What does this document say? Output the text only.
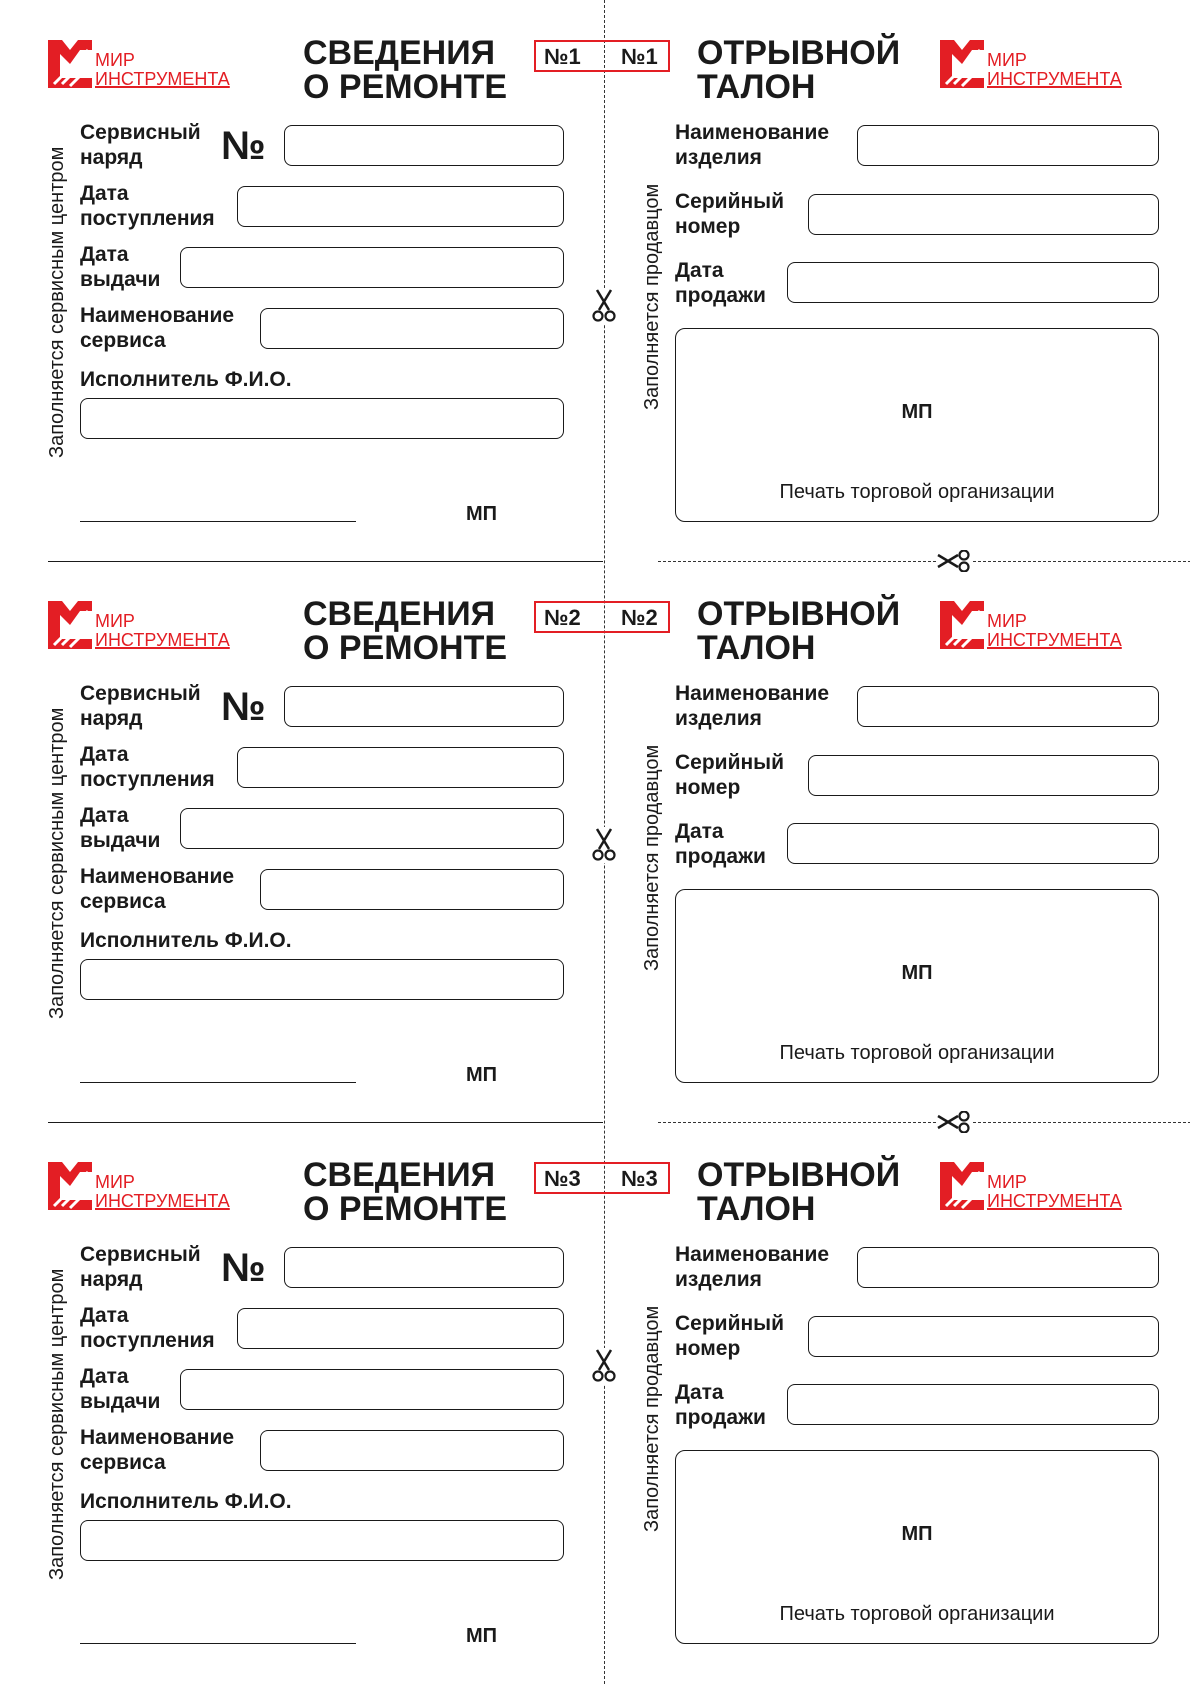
МИР
ИНСТРУМЕНТА
СВЕДЕНИЯ
О РЕМОНТЕ
№1 №1 ОТРЫВНОЙ
ТАЛОН
МИР
ИНСТРУМЕНТА
Заполняется сервисным центром
Сервисный
наряд	№
Дата
поступления
Дата
выдачи
Наименование
сервиса
Исполнитель Ф.И.О.
МП
Заполняется продавцом
Наименование
изделия
Серийный
номер
Дата
продажи
МП
Печать торговой организации
МИР
ИНСТРУМЕНТА
СВЕДЕНИЯ
О РЕМОНТЕ
№2 №2 ОТРЫВНОЙ
ТАЛОН
МИР
ИНСТРУМЕНТА
Заполняется сервисным центром
Сервисный
наряд	№
Дата
поступления
Дата
выдачи
Наименование
сервиса
Исполнитель Ф.И.О.
МП
Заполняется продавцом
Наименование
изделия
Серийный
номер
Дата
продажи
МП
Печать торговой организации
МИР
ИНСТРУМЕНТА
СВЕДЕНИЯ
О РЕМОНТЕ
№3 №3 ОТРЫВНОЙ
ТАЛОН
МИР
ИНСТРУМЕНТА
Заполняется сервисным центром
Сервисный
наряд	№
Дата
поступления
Дата
выдачи
Наименование
сервиса
Исполнитель Ф.И.О.
МП
Заполняется продавцом
Наименование
изделия
Серийный
номер
Дата
продажи
МП
Печать торговой организации
